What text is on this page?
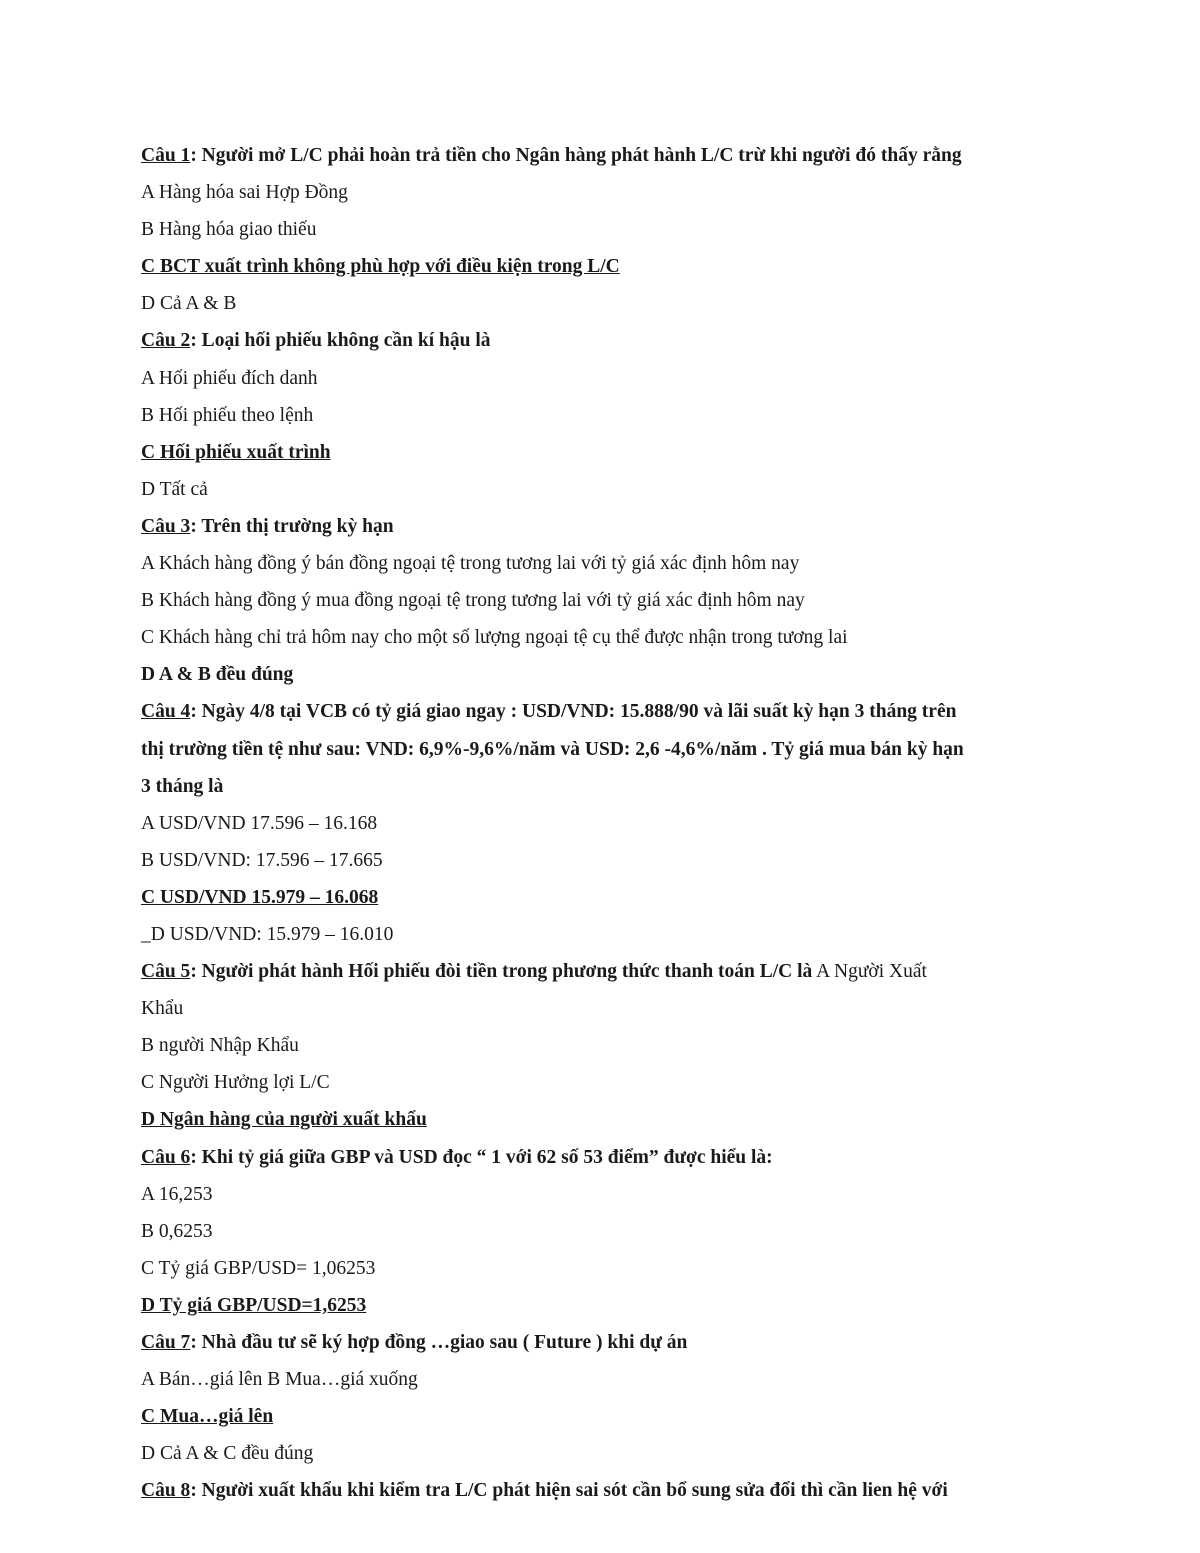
Câu 1: Người mở L/C phải hoàn trả tiền cho Ngân hàng phát hành L/C trừ khi người đó thấy rằng
A Hàng hóa sai Hợp Đồng
B Hàng hóa giao thiếu
C BCT xuất trình không phù hợp với điều kiện trong L/C
D Cả A & B
Câu 2: Loại hối phiếu không cần kí hậu là
A Hối phiếu đích danh
B Hối phiếu theo lệnh
C Hối phiếu xuất trình
D Tất cả
Câu 3: Trên thị trường kỳ hạn
A Khách hàng đồng ý bán đồng ngoại tệ trong tương lai với tỷ giá xác định hôm nay
B Khách hàng đồng ý mua đồng ngoại tệ trong tương lai với tỷ giá xác định hôm nay
C Khách hàng chỉ trả hôm nay cho một số lượng ngoại tệ cụ thể được nhận trong tương lai
D A & B đều đúng
Câu 4: Ngày 4/8 tại VCB có tỷ giá giao ngay : USD/VND: 15.888/90 và lãi suất kỳ hạn 3 tháng trên
thị trường tiền tệ như sau: VND: 6,9%-9,6%/năm và USD: 2,6 -4,6%/năm . Tỷ giá mua bán kỳ hạn
3 tháng là
A USD/VND 17.596 – 16.168
B USD/VND: 17.596 – 17.665
C USD/VND 15.979 – 16.068
_D USD/VND: 15.979 – 16.010
Câu 5: Người phát hành Hối phiếu đòi tiền trong phương thức thanh toán L/C là A Người Xuất
Khẩu
B người Nhập Khẩu
C Người Hưởng lợi L/C
D Ngân hàng của người xuất khẩu
Câu 6: Khi tỷ giá giữa GBP và USD đọc “ 1 với 62 số 53 điểm” được hiểu là:
A 16,253
B 0,6253
C Tỷ giá GBP/USD= 1,06253
D Tỷ giá GBP/USD=1,6253
Câu 7: Nhà đầu tư sẽ ký hợp đồng …giao sau ( Future ) khi dự án
A Bán…giá lên B Mua…giá xuống
C Mua…giá lên
D Cả A & C đều đúng
Câu 8: Người xuất khẩu khi kiểm tra L/C phát hiện sai sót cần bổ sung sửa đổi thì cần lien hệ với
